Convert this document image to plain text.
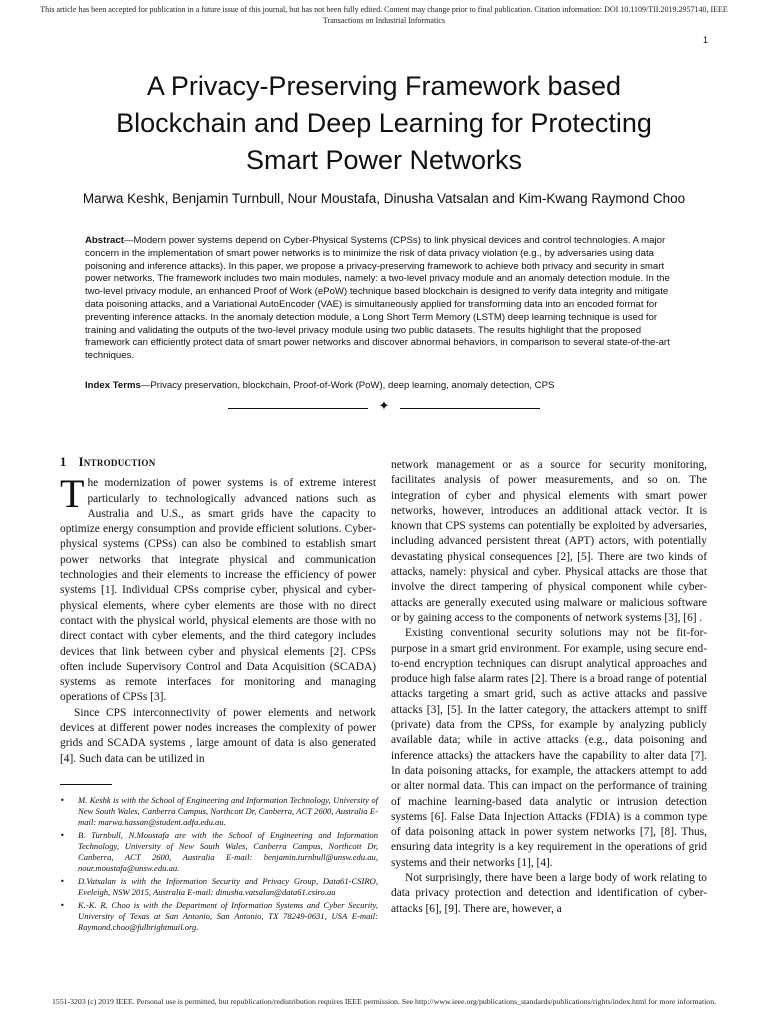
This article has been accepted for publication in a future issue of this journal, but has not been fully edited. Content may change prior to final publication. Citation information: DOI 10.1109/TII.2019.2957140, IEEE
Transactions on Industrial Informatics
1
A Privacy-Preserving Framework based
Blockchain and Deep Learning for Protecting
Smart Power Networks
Marwa Keshk, Benjamin Turnbull, Nour Moustafa, Dinusha Vatsalan and Kim-Kwang Raymond Choo
Abstract—Modern power systems depend on Cyber-Physical Systems (CPSs) to link physical devices and control technologies. A major concern in the implementation of smart power networks is to minimize the risk of data privacy violation (e.g., by adversaries using data poisoning and inference attacks). In this paper, we propose a privacy-preserving framework to achieve both privacy and security in smart power networks. The framework includes two main modules, namely: a two-level privacy module and an anomaly detection module. In the two-level privacy module, an enhanced Proof of Work (ePoW) technique based blockchain is designed to verify data integrity and mitigate data poisoning attacks, and a Variational AutoEncoder (VAE) is simultaneously applied for transforming data into an encoded format for preventing inference attacks. In the anomaly detection module, a Long Short Term Memory (LSTM) deep learning technique is used for training and validating the outputs of the two-level privacy module using two public datasets. The results highlight that the proposed framework can efficiently protect data of smart power networks and discover abnormal behaviors, in comparison to several state-of-the-art techniques.
Index Terms—Privacy preservation, blockchain, Proof-of-Work (PoW), deep learning, anomaly detection, CPS
✦
1 Introduction

The modernization of power systems is of extreme interest particularly to technologically advanced nations such as Australia and U.S., as smart grids have the capacity to optimize energy consumption and provide efficient solutions. Cyber-physical systems (CPSs) can also be combined to establish smart power networks that integrate physical and communication technologies and their elements to increase the efficiency of power systems [1]. Individual CPSs comprise cyber, physical and cyber-physical elements, where cyber elements are those with no direct contact with the physical world, physical elements are those with no direct contact with cyber elements, and the third category includes devices that link between cyber and physical elements [2]. CPSs often include Supervisory Control and Data Acquisition (SCADA) systems as remote interfaces for monitoring and managing operations of CPSs [3].

Since CPS interconnectivity of power elements and network devices at different power nodes increases the complexity of power grids and SCADA systems , large amount of data is also generated [4]. Such data can be utilized in

• M. Keshk is with the School of Engineering and Information Technology, University of New South Wales, Canberra Campus, Northcott Dr, Canberra, ACT 2600, Australia E-mail: marwa.hassan@student.adfa.edu.au.
• B. Turnbull, N.Moustafa are with the School of Engineering and Information Technology, University of New South Wales, Canberra Campus, Northcott Dr, Canberra, ACT 2600, Australia E-mail: benjamin.turnbull@unsw.edu.au, nour.moustafa@unsw.edu.au.
• D.Vatsalan is with the Information Security and Privacy Group, Data61-CSIRO, Eveleigh, NSW 2015, Australia E-mail: dinusha.vatsalan@data61.csiro.au
• K.-K. R. Choo is with the Department of Information Systems and Cyber Security, University of Texas at San Antonio, San Antonio, TX 78249-0631, USA E-mail: Raymond.choo@fulbrightmail.org.

network management or as a source for security monitoring, facilitates analysis of power measurements, and so on. The integration of cyber and physical elements with smart power networks, however, introduces an additional attack vector. It is known that CPS systems can potentially be exploited by adversaries, including advanced persistent threat (APT) actors, with potentially devastating physical consequences [2], [5]. There are two kinds of attacks, namely: physical and cyber. Physical attacks are those that involve the direct tampering of physical component while cyber-attacks are generally executed using malware or malicious software or by gaining access to the components of network systems [3], [6] .

Existing conventional security solutions may not be fit-for-purpose in a smart grid environment. For example, using secure end-to-end encryption techniques can disrupt analytical approaches and produce high false alarm rates [2]. There is a broad range of potential attacks targeting a smart grid, such as active attacks and passive attacks [3], [5]. In the latter category, the attackers attempt to sniff (private) data from the CPSs, for example by analyzing publicly available data; while in active attacks (e.g., data poisoning and inference attacks) the attackers have the capability to alter data [7]. In data poisoning attacks, for example, the attackers attempt to add or alter normal data. This can impact on the performance of training of machine learning-based data analytic or intrusion detection systems [6]. False Data Injection Attacks (FDIA) is a common type of data poisoning attack in power system networks [7], [8]. Thus, ensuring data integrity is a key requirement in the operations of grid systems and their networks [1], [4].

Not surprisingly, there have been a large body of work relating to data privacy protection and detection and identification of cyber-attacks [6], [9]. There are, however, a

1551-3203 (c) 2019 IEEE. Personal use is permitted, but republication/redistribution requires IEEE permission. See http://www.ieee.org/publications_standards/publications/rights/index.html for more information.
